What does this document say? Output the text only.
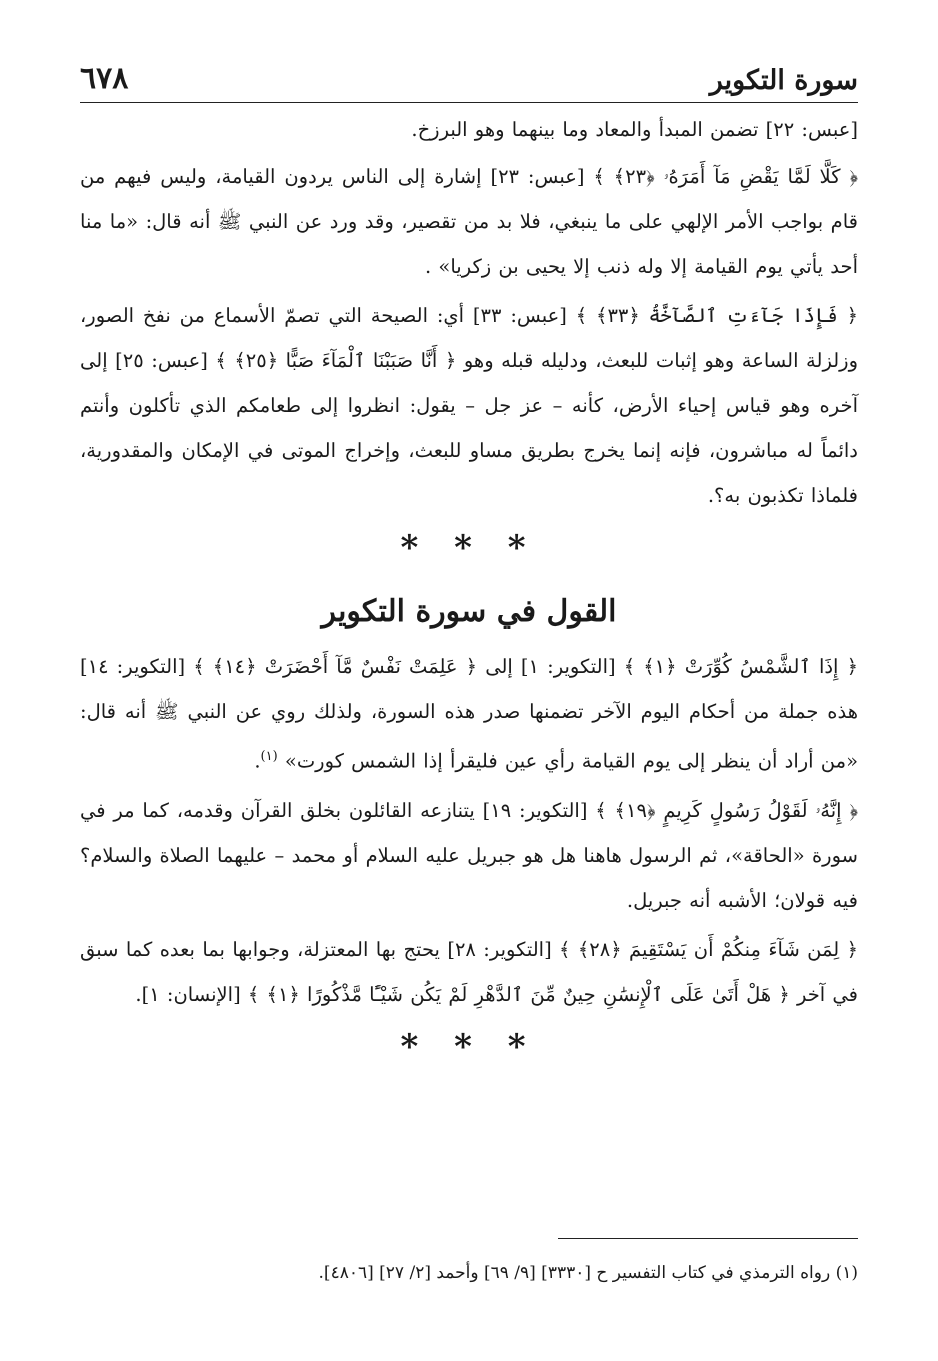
سورة التكوير
٦٧٨

[عبس: ٢٢] تضمن المبدأ والمعاد وما بينهما وهو البرزخ.

﴿ كَلَّا لَمَّا يَقْضِ مَآ أَمَرَهُۥ ﴿٢٣﴾ ﴾ [عبس: ٢٣] إشارة إلى الناس يردون القيامة، وليس فيهم من قام بواجب الأمر الإلهي على ما ينبغي، فلا بد من تقصير، وقد ورد عن النبي ﷺ أنه قال: «ما منا أحد يأتي يوم القيامة إلا وله ذنب إلا يحيى بن زكريا» .

﴿ فَإِذَا جَآءَتِ ٱلصَّآخَّةُ ﴿٣٣﴾ ﴾ [عبس: ٣٣] أي: الصيحة التي تصمّ الأسماع من نفخ الصور، وزلزلة الساعة وهو إثبات للبعث، ودليله قبله وهو ﴿ أَنَّا صَبَبْنَا ٱلْمَآءَ صَبًّا ﴿٢٥﴾ ﴾ [عبس: ٢٥] إلى آخره وهو قياس إحياء الأرض، كأنه – عز جل – يقول: انظروا إلى طعامكم الذي تأكلون وأنتم دائماً له مباشرون، فإنه إنما يخرج بطريق مساو للبعث، وإخراج الموتى في الإمكان والمقدورية، فلماذا تكذبون به؟.

* * *
القول في سورة التكوير

﴿ إِذَا ٱلشَّمْسُ كُوِّرَتْ ﴿١﴾ ﴾ [التكوير: ١] إلى ﴿ عَلِمَتْ نَفْسٌ مَّآ أَحْضَرَتْ ﴿١٤﴾ ﴾ [التكوير: ١٤] هذه جملة من أحكام اليوم الآخر تضمنها صدر هذه السورة، ولذلك روي عن النبي ﷺ أنه قال: «من أراد أن ينظر إلى يوم القيامة رأي عين فليقرأ إذا الشمس كورت» $^{(١)}$.

﴿ إِنَّهُۥ لَقَوْلُ رَسُولٍ كَرِيمٍ ﴿١٩﴾ ﴾ [التكوير: ١٩] يتنازعه القائلون بخلق القرآن وقدمه، كما مر في سورة «الحاقة»، ثم الرسول هاهنا هل هو جبريل عليه السلام أو محمد – عليهما الصلاة والسلام؟ فيه قولان؛ الأشبه أنه جبريل.

﴿ لِمَن شَآءَ مِنكُمْ أَن يَسْتَقِيمَ ﴿٢٨﴾ ﴾ [التكوير: ٢٨] يحتج بها المعتزلة، وجوابها بما بعده كما سبق في آخر ﴿ هَلْ أَتَىٰ عَلَى ٱلْإِنسَٰنِ حِينٌ مِّنَ ٱلدَّهْرِ لَمْ يَكُن شَيْـًٔا مَّذْكُورًا ﴿١﴾ ﴾ [الإنسان: ١].

* * *
(١) رواه الترمذي في كتاب التفسير ح [٣٣٣٠] [٩/ ٦٩] وأحمد [٢/ ٢٧] [٤٨٠٦].
